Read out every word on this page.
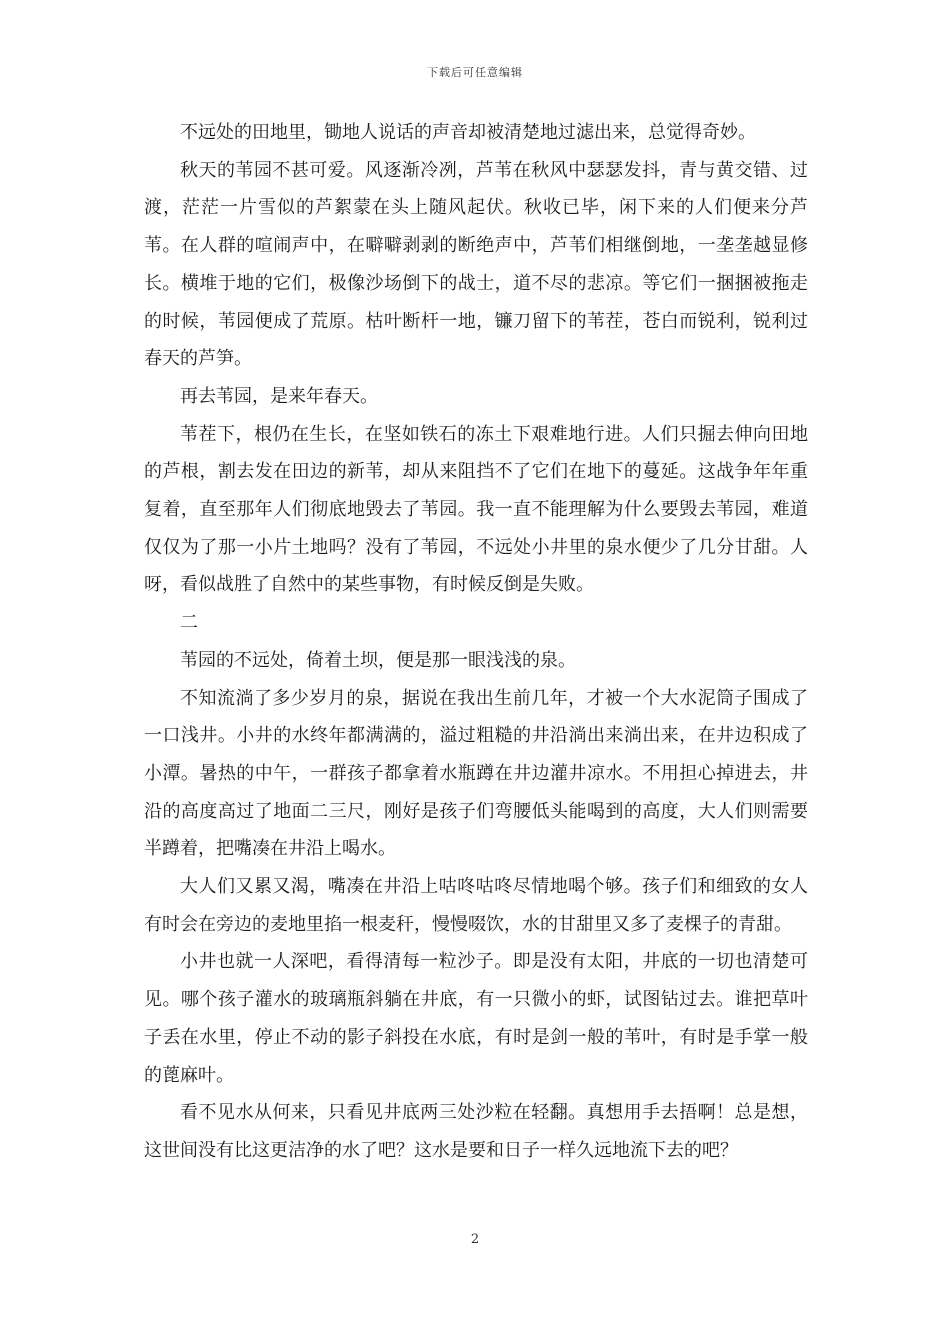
下载后可任意编辑

不远处的田地里，锄地人说话的声音却被清楚地过滤出来，总觉得奇妙。

秋天的苇园不甚可爱。风逐渐冷冽，芦苇在秋风中瑟瑟发抖，青与黄交错、过渡，茫茫一片雪似的芦絮蒙在头上随风起伏。秋收已毕，闲下来的人们便来分芦苇。在人群的喧闹声中，在噼噼剥剥的断绝声中，芦苇们相继倒地，一垄垄越显修长。横堆于地的它们，极像沙场倒下的战士，道不尽的悲凉。等它们一捆捆被拖走的时候，苇园便成了荒原。枯叶断杆一地，镰刀留下的苇茬，苍白而锐利，锐利过春天的芦笋。

再去苇园，是来年春天。

苇茬下，根仍在生长，在坚如铁石的冻土下艰难地行进。人们只掘去伸向田地的芦根，割去发在田边的新苇，却从来阻挡不了它们在地下的蔓延。这战争年年重复着，直至那年人们彻底地毁去了苇园。我一直不能理解为什么要毁去苇园，难道仅仅为了那一小片土地吗？没有了苇园，不远处小井里的泉水便少了几分甘甜。人呀，看似战胜了自然中的某些事物，有时候反倒是失败。

二

苇园的不远处，倚着土坝，便是那一眼浅浅的泉。

不知流淌了多少岁月的泉，据说在我出生前几年，才被一个大水泥筒子围成了一口浅井。小井的水终年都满满的，溢过粗糙的井沿淌出来淌出来，在井边积成了小潭。暑热的中午，一群孩子都拿着水瓶蹲在井边灌井凉水。不用担心掉进去，井沿的高度高过了地面二三尺，刚好是孩子们弯腰低头能喝到的高度，大人们则需要半蹲着，把嘴凑在井沿上喝水。

大人们又累又渴，嘴凑在井沿上咕咚咕咚尽情地喝个够。孩子们和细致的女人有时会在旁边的麦地里掐一根麦秆，慢慢啜饮，水的甘甜里又多了麦棵子的青甜。

小井也就一人深吧，看得清每一粒沙子。即是没有太阳，井底的一切也清楚可见。哪个孩子灌水的玻璃瓶斜躺在井底，有一只微小的虾，试图钻过去。谁把草叶子丢在水里，停止不动的影子斜投在水底，有时是剑一般的苇叶，有时是手掌一般的蓖麻叶。

看不见水从何来，只看见井底两三处沙粒在轻翻。真想用手去捂啊！总是想，这世间没有比这更洁净的水了吧？这水是要和日子一样久远地流下去的吧？

2
